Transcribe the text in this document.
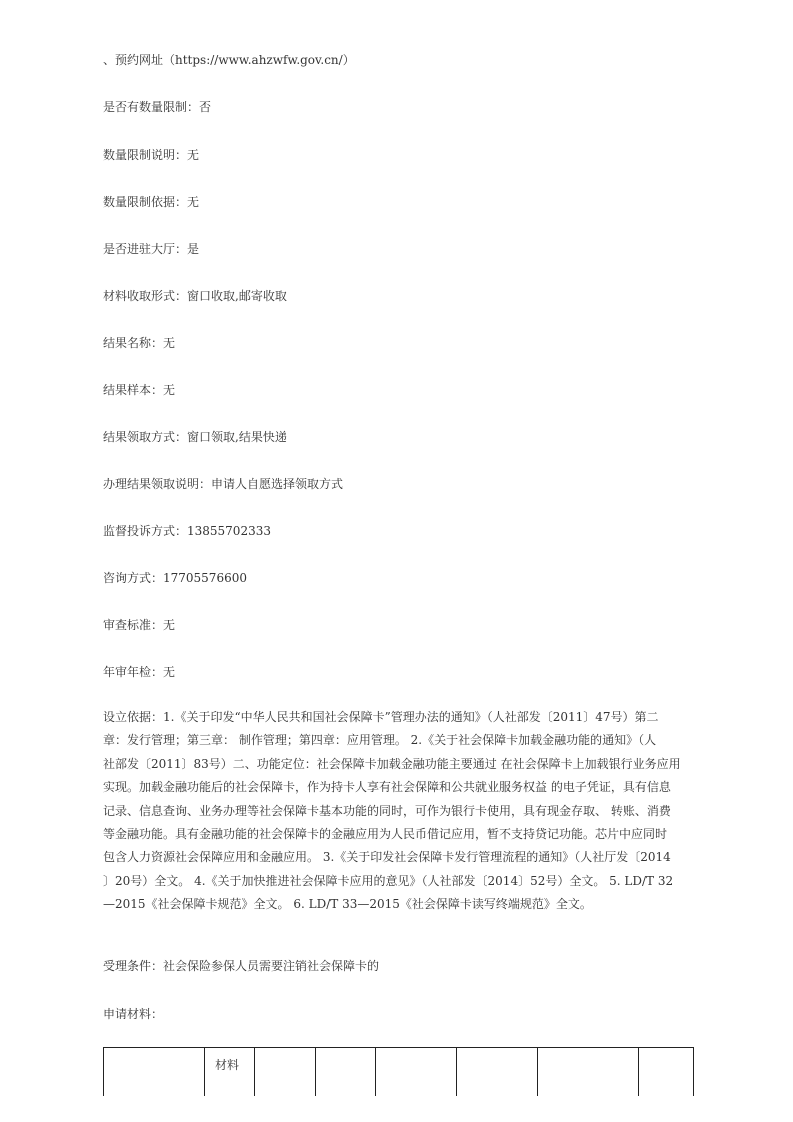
、预约网址（https://www.ahzwfw.gov.cn/）
是否有数量限制：否
数量限制说明：无
数量限制依据：无
是否进驻大厅：是
材料收取形式：窗口收取,邮寄收取
结果名称：无
结果样本：无
结果领取方式：窗口领取,结果快递
办理结果领取说明：申请人自愿选择领取方式
监督投诉方式：13855702333
咨询方式：17705576600
审查标准：无
年审年检：无
设立依据：1.《关于印发“中华人民共和国社会保障卡”管理办法的通知》（人社部发〔2011〕47号）第二
章：发行管理；第三章： 制作管理；第四章：应用管理。 2.《关于社会保障卡加载金融功能的通知》（人
社部发〔2011〕83号）二、功能定位：社会保障卡加载金融功能主要通过 在社会保障卡上加载银行业务应用
实现。加载金融功能后的社会保障卡，作为持卡人享有社会保障和公共就业服务权益 的电子凭证，具有信息
记录、信息查询、业务办理等社会保障卡基本功能的同时，可作为银行卡使用，具有现金存取、 转账、消费
等金融功能。具有金融功能的社会保障卡的金融应用为人民币借记应用，暂不支持贷记功能。芯片中应同时
包含人力资源社会保障应用和金融应用。 3.《关于印发社会保障卡发行管理流程的通知》（人社厅发〔2014
〕20号）全文。 4.《关于加快推进社会保障卡应用的意见》（人社部发〔2014〕52号）全文。 5. LD/T 32
—2015《社会保障卡规范》全文。 6. LD/T 33—2015《社会保障卡读写终端规范》全文。
受理条件：社会保险参保人员需要注销社会保障卡的
申请材料：
	材料						
